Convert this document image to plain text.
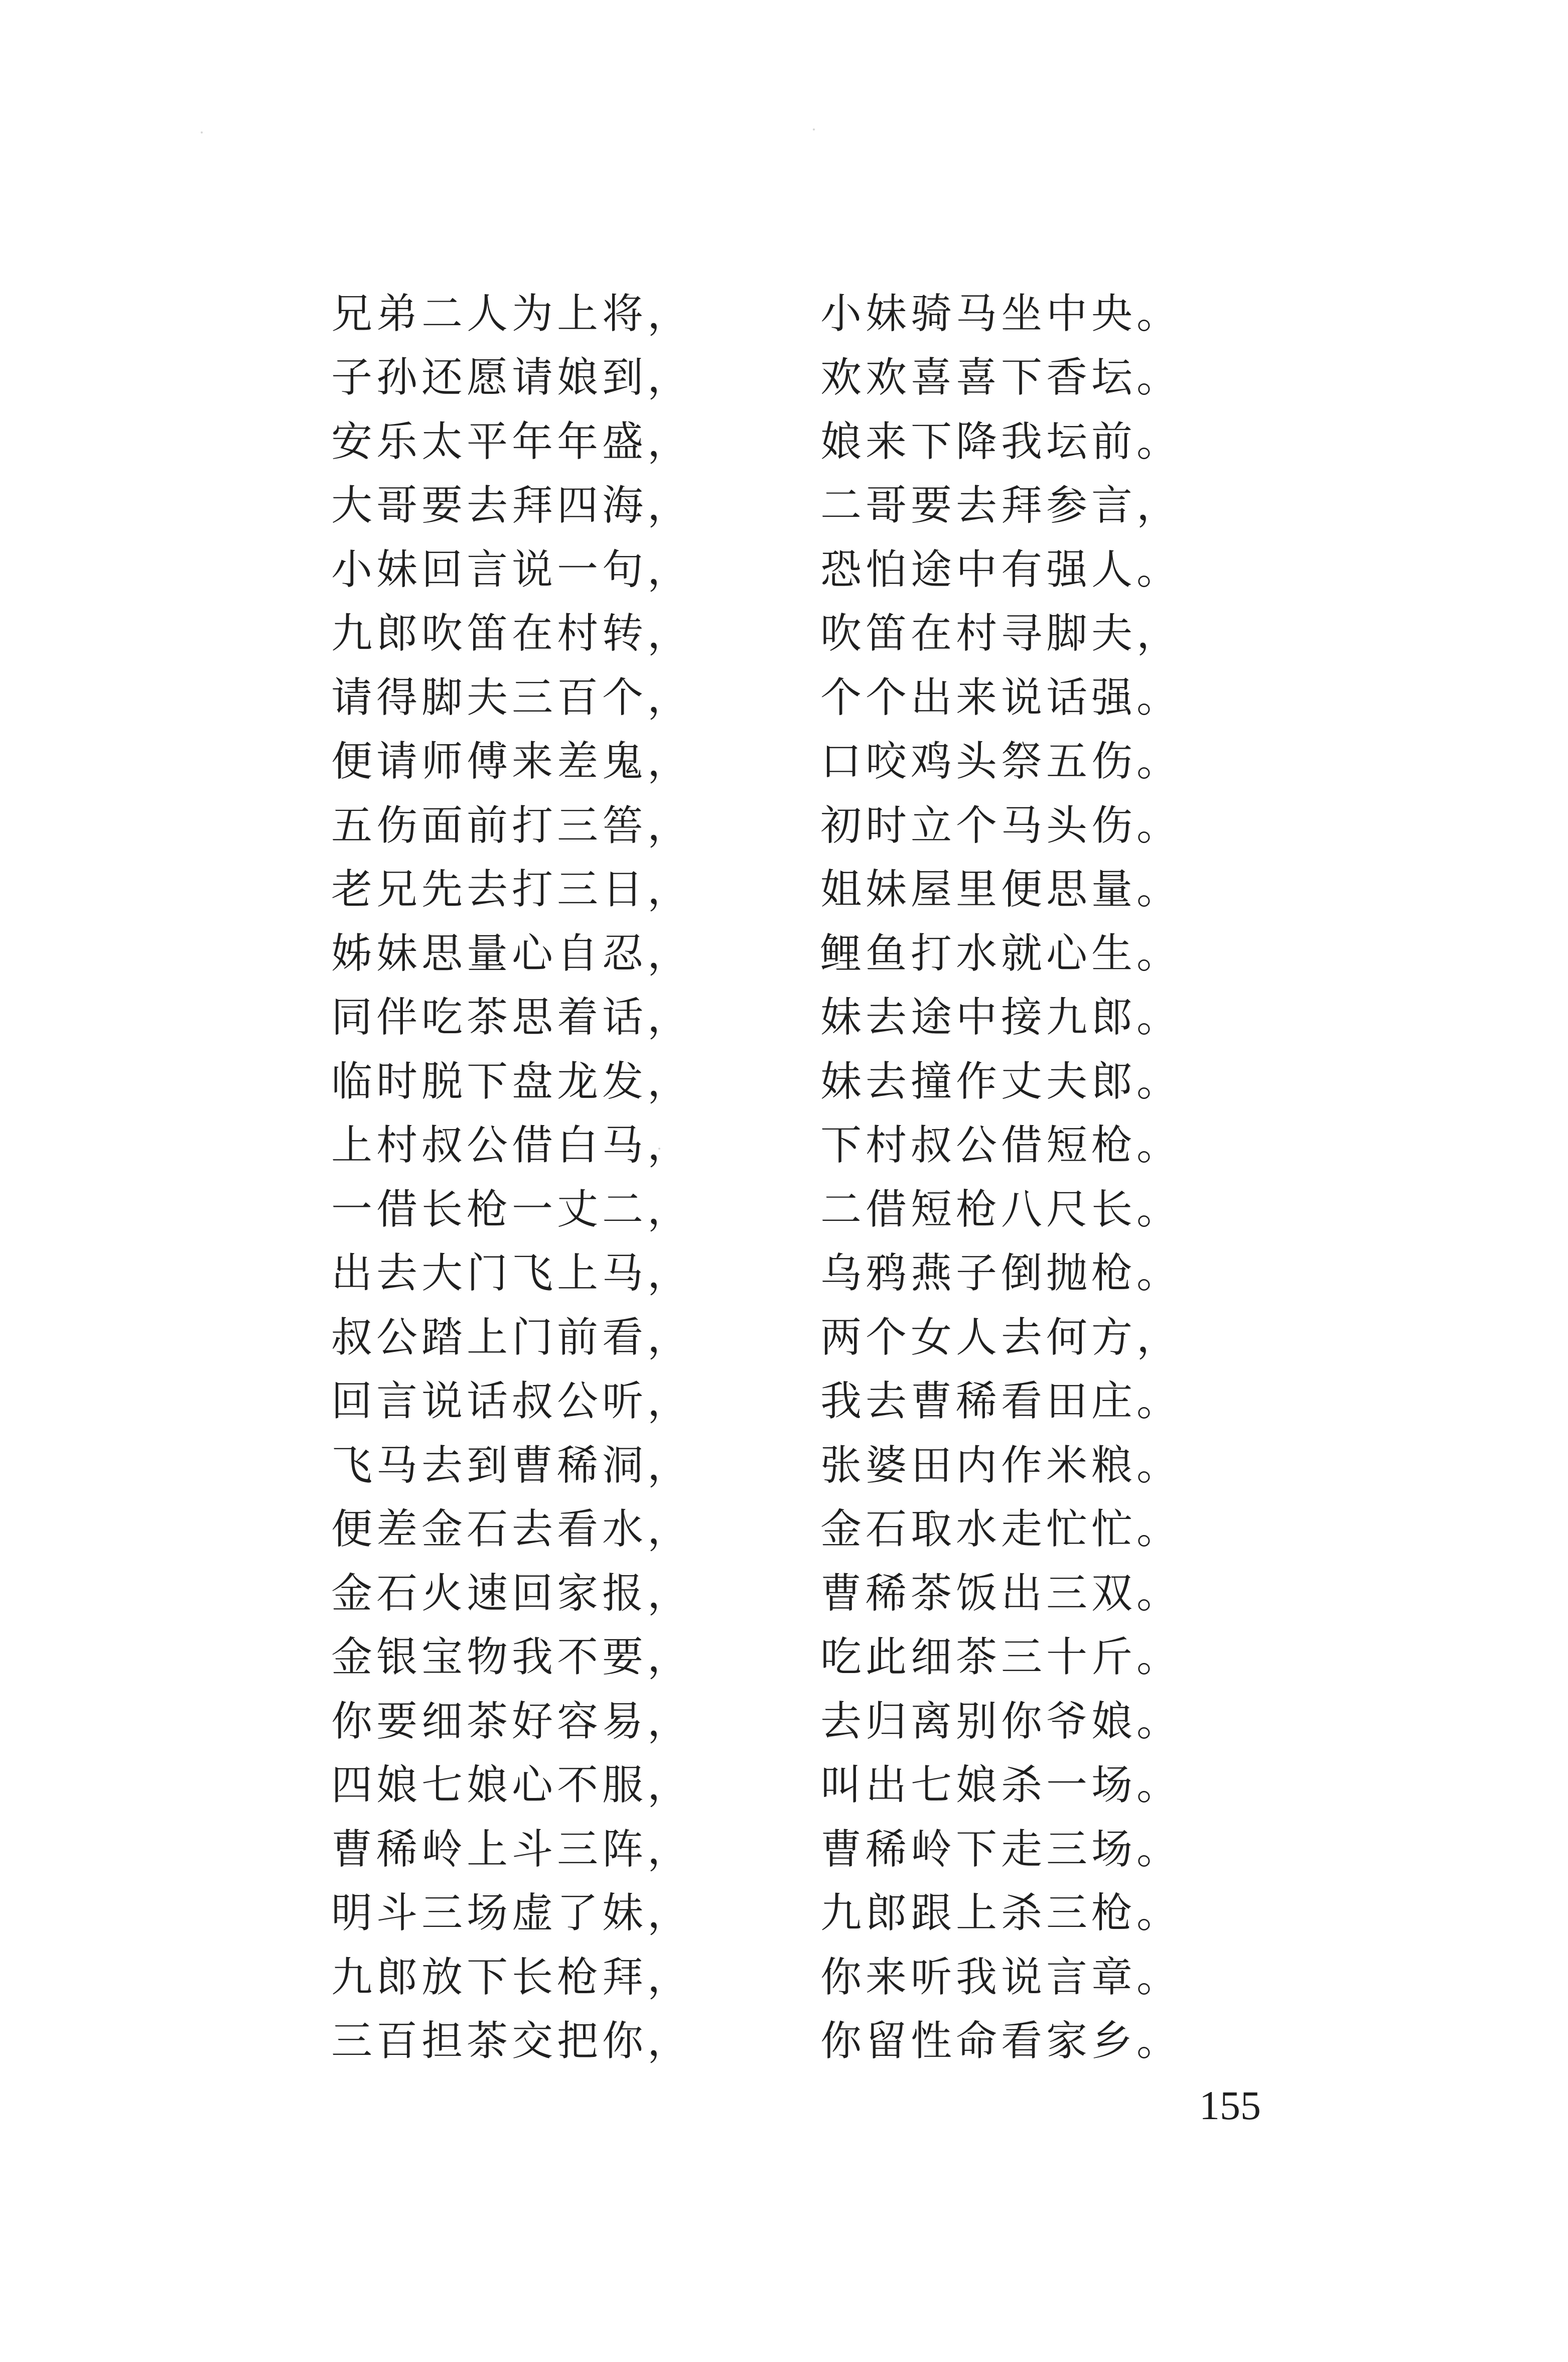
兄弟二人为上将，	小妹骑马坐中央。
子孙还愿请娘到，	欢欢喜喜下香坛。
安乐太平年年盛，	娘来下降我坛前。
大哥要去拜四海，	二哥要去拜参言，
小妹回言说一句，	恐怕途中有强人。
九郎吹笛在村转，	吹笛在村寻脚夫，
请得脚夫三百个，	个个出来说话强。
便请师傅来差鬼，	口咬鸡头祭五伤。
五伤面前打三筶，	初时立个马头伤。
老兄先去打三日，	姐妹屋里便思量。
姊妹思量心自忍，	鲤鱼打水就心生。
同伴吃茶思着话，	妹去途中接九郎。
临时脱下盘龙发，	妹去撞作丈夫郎。
上村叔公借白马，	下村叔公借短枪。
一借长枪一丈二，	二借短枪八尺长。
出去大门飞上马，	乌鸦燕子倒抛枪。
叔公踏上门前看，	两个女人去何方，
回言说话叔公听，	我去曹稀看田庄。
飞马去到曹稀洞，	张婆田内作米粮。
便差金石去看水，	金石取水走忙忙。
金石火速回家报，	曹稀茶饭出三双。
金银宝物我不要，	吃此细茶三十斤。
你要细茶好容易，	去归离别你爷娘。
四娘七娘心不服，	叫出七娘杀一场。
曹稀岭上斗三阵，	曹稀岭下走三场。
明斗三场虚了妹，	九郎跟上杀三枪。
九郎放下长枪拜，	你来听我说言章。
三百担茶交把你，	你留性命看家乡。
155
